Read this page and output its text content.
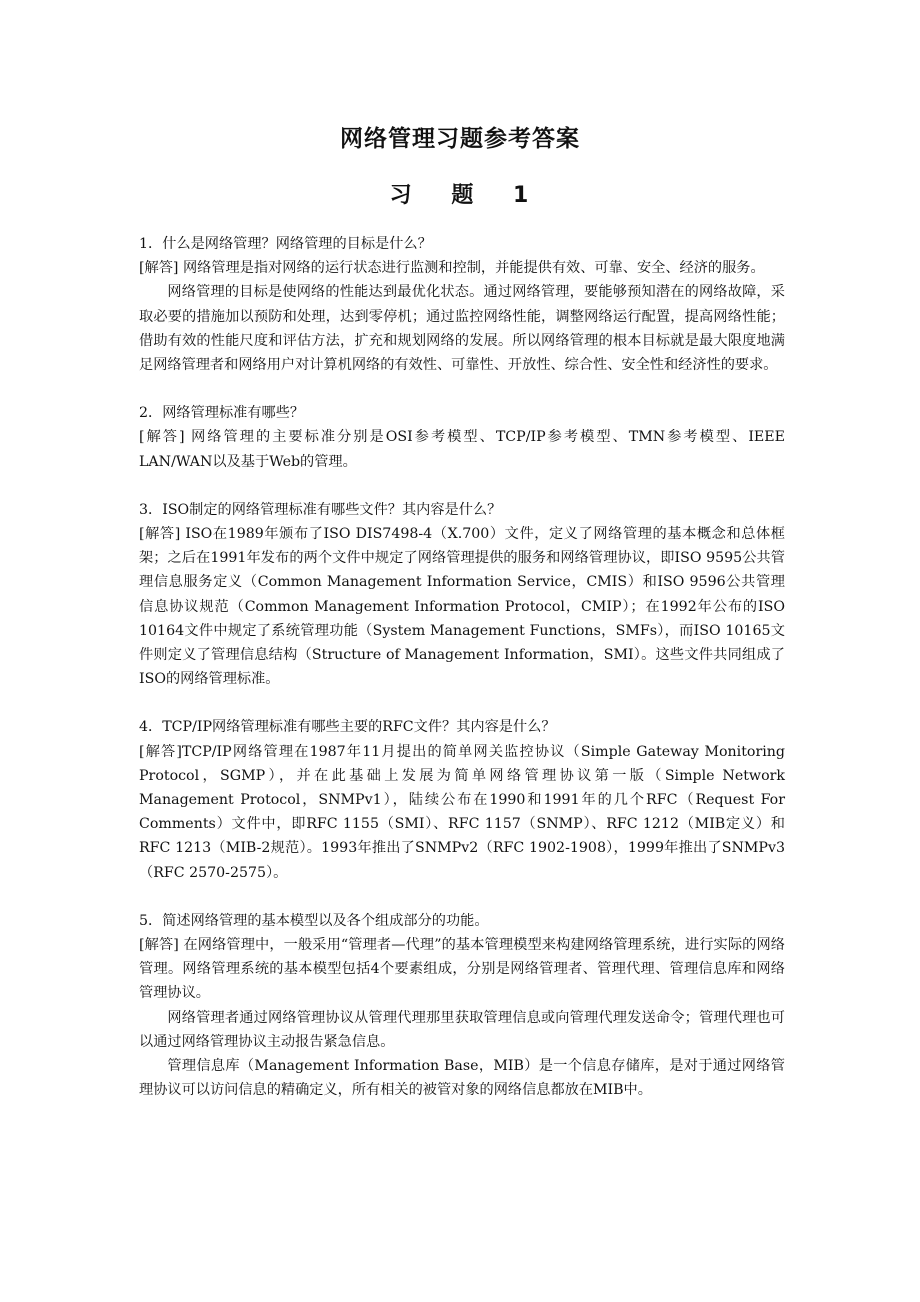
网络管理习题参考答案
习 题 1

1．什么是网络管理？网络管理的目标是什么？

[解答] 网络管理是指对网络的运行状态进行监测和控制，并能提供有效、可靠、安全、经济的服务。

网络管理的目标是使网络的性能达到最优化状态。通过网络管理，要能够预知潜在的网络故障，采取必要的措施加以预防和处理，达到零停机；通过监控网络性能，调整网络运行配置，提高网络性能；借助有效的性能尺度和评估方法，扩充和规划网络的发展。所以网络管理的根本目标就是最大限度地满足网络管理者和网络用户对计算机网络的有效性、可靠性、开放性、综合性、安全性和经济性的要求。

2．网络管理标准有哪些？

[解答] 网络管理的主要标准分别是OSI参考模型、TCP/IP参考模型、TMN参考模型、IEEE LAN/WAN以及基于Web的管理。

3．ISO制定的网络管理标准有哪些文件？其内容是什么？

[解答] ISO在1989年颁布了ISO DIS7498-4（X.700）文件，定义了网络管理的基本概念和总体框架；之后在1991年发布的两个文件中规定了网络管理提供的服务和网络管理协议，即ISO 9595公共管理信息服务定义（Common Management Information Service，CMIS）和ISO 9596公共管理信息协议规范（Common Management Information Protocol，CMIP）；在1992年公布的ISO 10164文件中规定了系统管理功能（System Management Functions，SMFs），而ISO 10165文件则定义了管理信息结构（Structure of Management Information，SMI）。这些文件共同组成了ISO的网络管理标准。

4．TCP/IP网络管理标准有哪些主要的RFC文件？其内容是什么？

[解答]TCP/IP网络管理在1987年11月提出的简单网关监控协议（Simple Gateway Monitoring Protocol，SGMP），并在此基础上发展为简单网络管理协议第一版（Simple Network Management Protocol，SNMPv1），陆续公布在1990和1991年的几个RFC（Request For Comments）文件中，即RFC 1155（SMI）、RFC 1157（SNMP）、RFC 1212（MIB定义）和RFC 1213（MIB-2规范）。1993年推出了SNMPv2（RFC 1902-1908），1999年推出了SNMPv3（RFC 2570-2575）。

5．简述网络管理的基本模型以及各个组成部分的功能。

[解答] 在网络管理中，一般采用“管理者—代理”的基本管理模型来构建网络管理系统，进行实际的网络管理。网络管理系统的基本模型包括4个要素组成，分别是网络管理者、管理代理、管理信息库和网络管理协议。

网络管理者通过网络管理协议从管理代理那里获取管理信息或向管理代理发送命令；管理代理也可以通过网络管理协议主动报告紧急信息。

管理信息库（Management Information Base，MIB）是一个信息存储库，是对于通过网络管理协议可以访问信息的精确定义，所有相关的被管对象的网络信息都放在MIB中。
